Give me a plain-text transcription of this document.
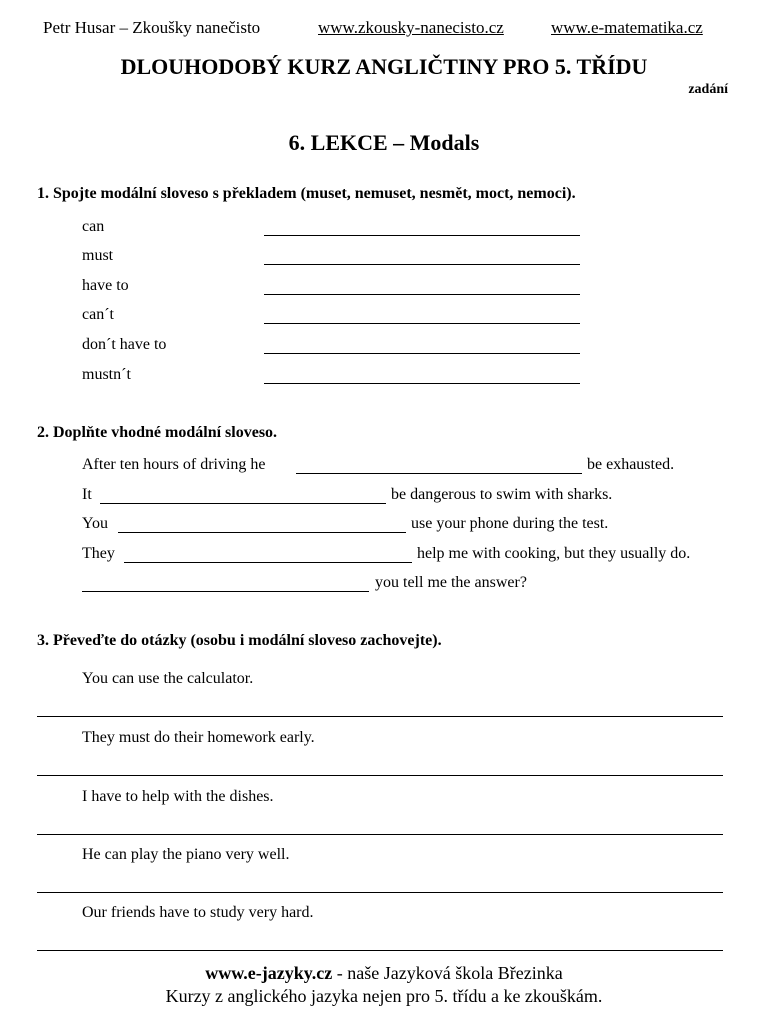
Petr Husar – Zkoušky nanečisto	www.zkousky-nanecisto.cz	www.e-matematika.cz
DLOUHODOBÝ KURZ ANGLIČTINY PRO 5. TŘÍDU
zadání
6. LEKCE – Modals
1. Spojte modální sloveso s překladem (muset, nemuset, nesmět, moct, nemoci).
can
must
have to
can´t
don´t have to
mustn´t
2. Doplňte vhodné modální sloveso.
After ten hours of driving he	be exhausted.
It	be dangerous to swim with sharks.
You	use your phone during the test.
They	help me with cooking, but they usually do.
you tell me the answer?
3. Převeďte do otázky (osobu i modální sloveso zachovejte).
You can use the calculator.
They must do their homework early.
I have to help with the dishes.
He can play the piano very well.
Our friends have to study very hard.
www.e-jazyky.cz - naše Jazyková škola Březinka
Kurzy z anglického jazyka nejen pro 5. třídu a ke zkouškám.
